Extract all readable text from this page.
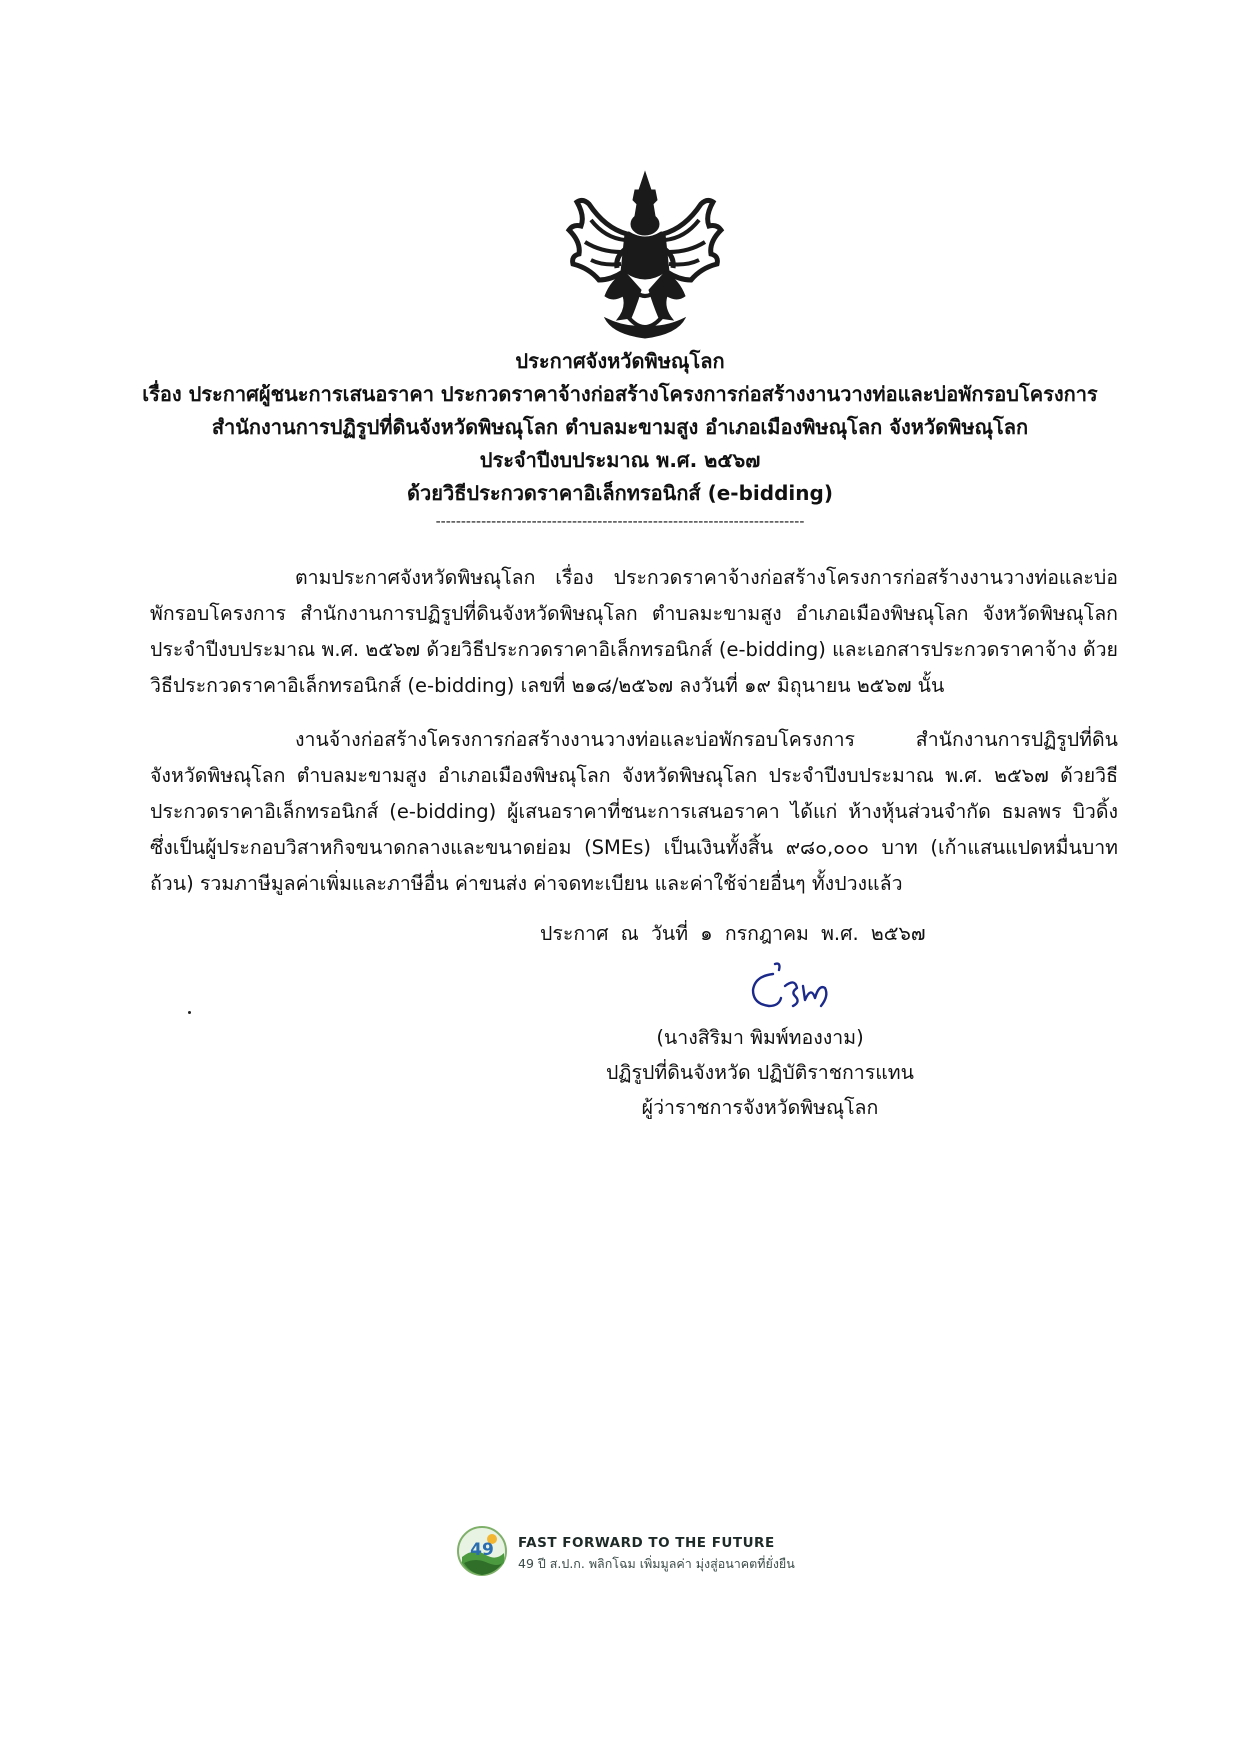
ประกาศจังหวัดพิษณุโลก
เรื่อง ประกาศผู้ชนะการเสนอราคา ประกวดราคาจ้างก่อสร้างโครงการก่อสร้างงานวางท่อและบ่อพักรอบโครงการ
สำนักงานการปฏิรูปที่ดินจังหวัดพิษณุโลก ตำบลมะขามสูง อำเภอเมืองพิษณุโลก จังหวัดพิษณุโลก
ประจำปีงบประมาณ พ.ศ. ๒๕๖๗
ด้วยวิธีประกวดราคาอิเล็กทรอนิกส์ (e-bidding)
-------------------------------------------------------------------------

ตามประกาศจังหวัดพิษณุโลก เรื่อง ประกวดราคาจ้างก่อสร้างโครงการก่อสร้างงานวางท่อและบ่อพักรอบโครงการ สำนักงานการปฏิรูปที่ดินจังหวัดพิษณุโลก ตำบลมะขามสูง อำเภอเมืองพิษณุโลก จังหวัดพิษณุโลก ประจำปีงบประมาณ พ.ศ. ๒๕๖๗ ด้วยวิธีประกวดราคาอิเล็กทรอนิกส์ (e-bidding) และเอกสารประกวดราคาจ้าง ด้วยวิธีประกวดราคาอิเล็กทรอนิกส์ (e-bidding) เลขที่ ๒๑๘/๒๕๖๗ ลงวันที่ ๑๙ มิถุนายน ๒๕๖๗ นั้น

งานจ้างก่อสร้างโครงการก่อสร้างงานวางท่อและบ่อพักรอบโครงการ สำนักงานการปฏิรูปที่ดินจังหวัดพิษณุโลก ตำบลมะขามสูง อำเภอเมืองพิษณุโลก จังหวัดพิษณุโลก ประจำปีงบประมาณ พ.ศ. ๒๕๖๗ ด้วยวิธีประกวดราคาอิเล็กทรอนิกส์ (e-bidding) ผู้เสนอราคาที่ชนะการเสนอราคา ได้แก่ ห้างหุ้นส่วนจำกัด ธมลพร บิวดิ้ง ซึ่งเป็นผู้ประกอบวิสาหกิจขนาดกลางและขนาดย่อม (SMEs) เป็นเงินทั้งสิ้น ๙๘๐,๐๐๐ บาท (เก้าแสนแปดหมื่นบาทถ้วน) รวมภาษีมูลค่าเพิ่มและภาษีอื่น ค่าขนส่ง ค่าจดทะเบียน และค่าใช้จ่ายอื่นๆ ทั้งปวงแล้ว

ประกาศ ณ วันที่ ๑ กรกฎาคม พ.ศ. ๒๕๖๗
(นางสิริมา พิมพ์ทองงาม)
ปฏิรูปที่ดินจังหวัด ปฏิบัติราชการแทน
ผู้ว่าราชการจังหวัดพิษณุโลก
49 FAST FORWARD TO THE FUTURE
49 ปี ส.ป.ก. พลิกโฉม เพิ่มมูลค่า มุ่งสู่อนาคตที่ยั่งยืน
